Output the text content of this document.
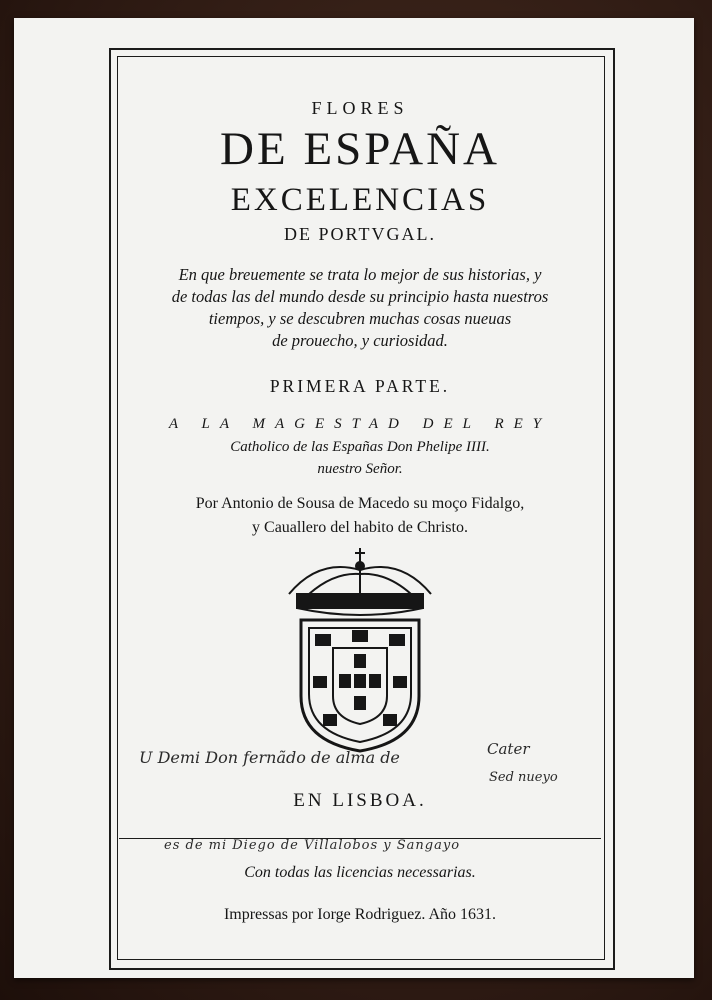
FLORES
DE ESPAÑA
EXCELENCIAS
DE PORTVGAL.
En que breuemente se trata lo mejor de sus historias, y
de todas las del mundo desde su principio hasta nuestros
tiempos, y se descubren muchas cosas nueuas
de prouecho, y curiosidad.
PRIMERA PARTE.
A LA MAGESTAD DEL REY
Catholico de las Españas Don Phelipe IIII.
nuestro Señor.
Por Antonio de Sousa de Macedo su moço Fidalgo,
y Cauallero del habito de Christo.
U Demi Don fernãdo de alma de	Cater
Sed nueyo
EN LISBOA.
es de mi Diego de Villalobos y Sangayo
Con todas las licencias necessarias.
Impressas por Iorge Rodriguez. Año 1631.
